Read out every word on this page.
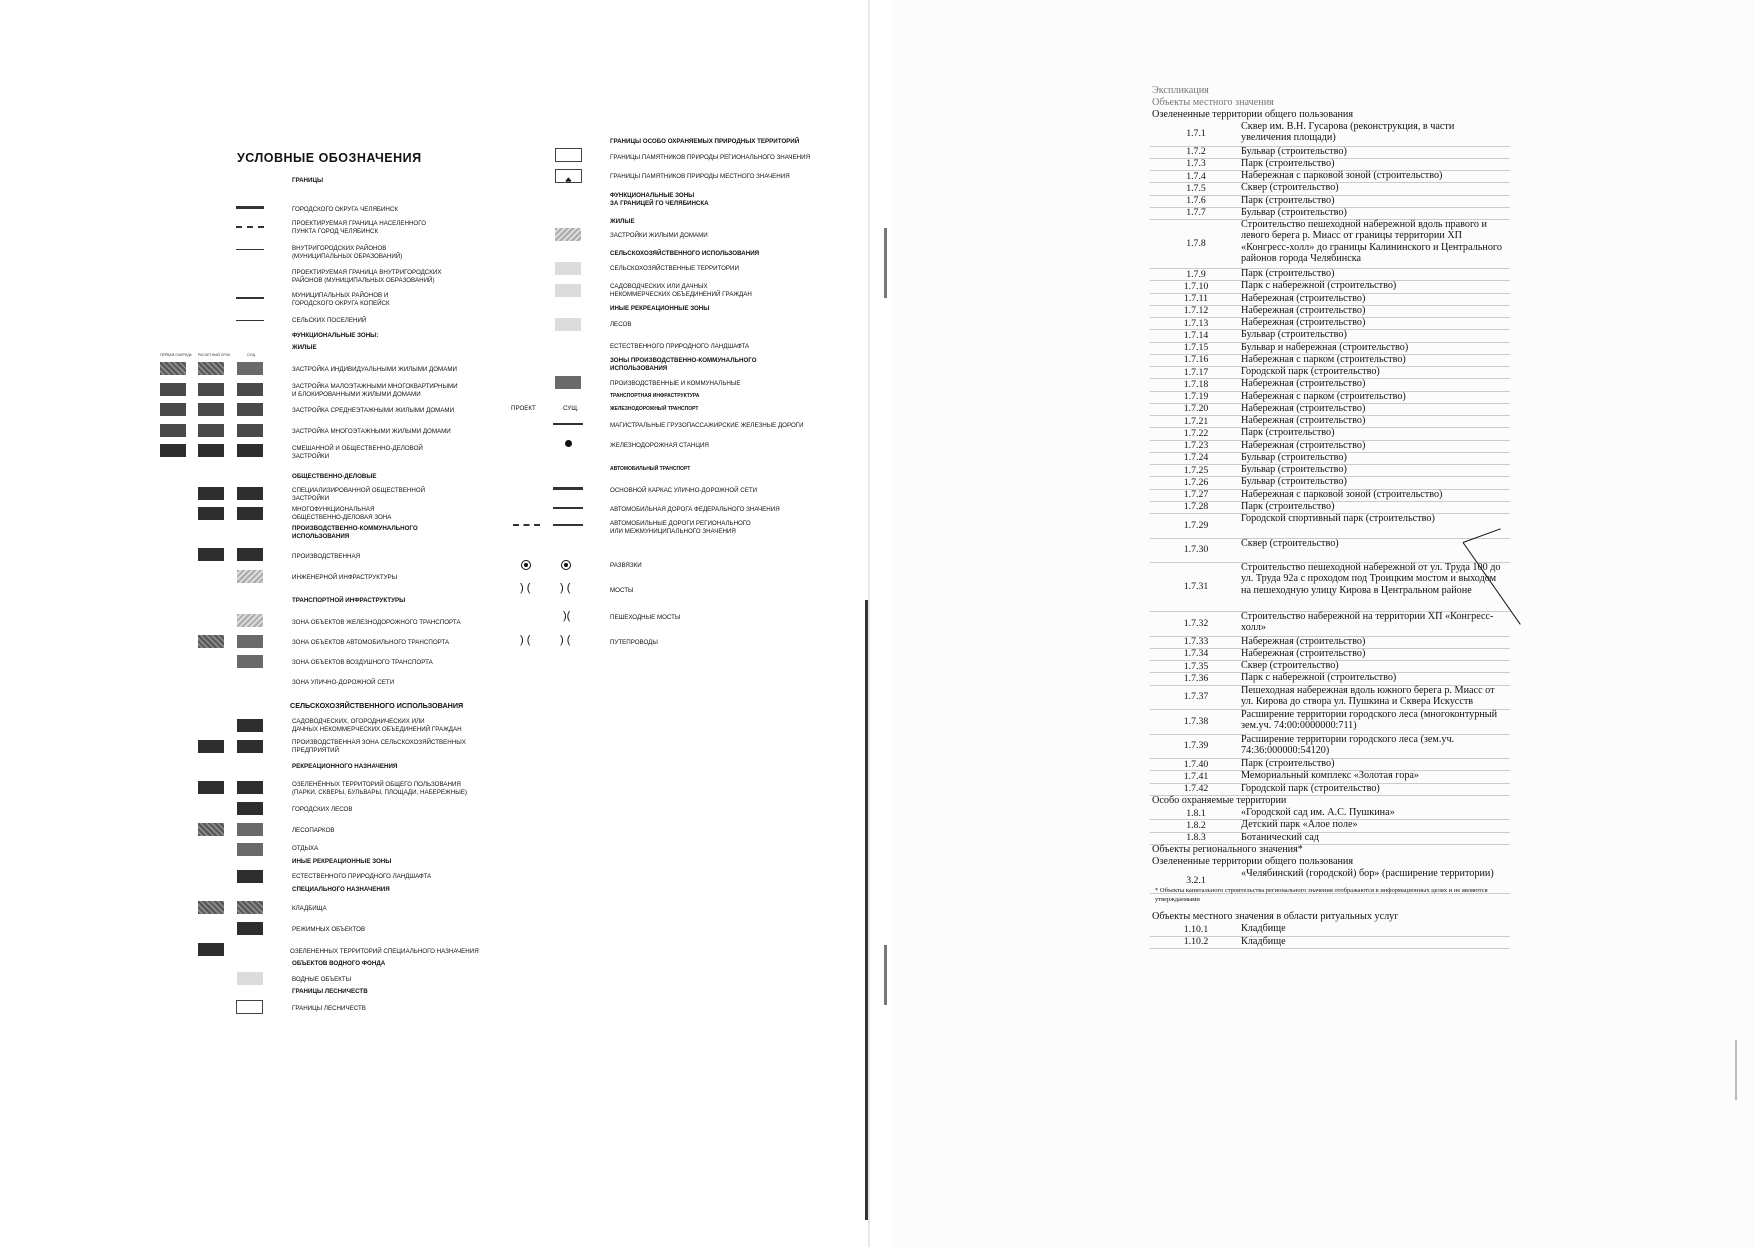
УСЛОВНЫЕ ОБОЗНАЧЕНИЯ
ПЕРВАЯ ОЧЕРЕДЬ РАСЧЕТНЫЙ СРОК	СУЩ.
ПРОЕКТ	СУЩ.
ГРАНИЦЫ
ГОРОДСКОГО ОКРУГА ЧЕЛЯБИНСК
ПРОЕКТИРУЕМАЯ ГРАНИЦА НАСЕЛЕННОГО
ПУНКТА ГОРОД ЧЕЛЯБИНСК
ВНУТРИГОРОДСКИХ РАЙОНОВ
(МУНИЦИПАЛЬНЫХ ОБРАЗОВАНИЙ)
ПРОЕКТИРУЕМАЯ ГРАНИЦА ВНУТРИГОРОДСКИХ
РАЙОНОВ (МУНИЦИПАЛЬНЫХ ОБРАЗОВАНИЙ)
МУНИЦИПАЛЬНЫХ РАЙОНОВ И
ГОРОДСКОГО ОКРУГА КОПЕЙСК
СЕЛЬСКИХ ПОСЕЛЕНИЙ
ФУНКЦИОНАЛЬНЫЕ ЗОНЫ:
ЖИЛЫЕ
ЗАСТРОЙКА ИНДИВИДУАЛЬНЫМИ ЖИЛЫМИ ДОМАМИ
ЗАСТРОЙКА МАЛОЭТАЖНЫМИ МНОГОКВАРТИРНЫМИ
И БЛОКИРОВАННЫМИ ЖИЛЫМИ ДОМАМИ
ЗАСТРОЙКА СРЕДНЕЭТАЖНЫМИ ЖИЛЫМИ ДОМАМИ
ЗАСТРОЙКА МНОГОЭТАЖНЫМИ ЖИЛЫМИ ДОМАМИ
СМЕШАННОЙ И ОБЩЕСТВЕННО-ДЕЛОВОЙ
ЗАСТРОЙКИ
ОБЩЕСТВЕННО-ДЕЛОВЫЕ
СПЕЦИАЛИЗИРОВАННОЙ ОБЩЕСТВЕННОЙ
ЗАСТРОЙКИ
МНОГОФУНКЦИОНАЛЬНАЯ
ОБЩЕСТВЕННО-ДЕЛОВАЯ ЗОНА
ПРОИЗВОДСТВЕННО-КОММУНАЛЬНОГО
ИСПОЛЬЗОВАНИЯ
ПРОИЗВОДСТВЕННАЯ
ИНЖЕНЕРНОЙ ИНФРАСТРУКТУРЫ
ТРАНСПОРТНОЙ ИНФРАСТРУКТУРЫ
ЗОНА ОБЪЕКТОВ ЖЕЛЕЗНОДОРОЖНОГО ТРАНСПОРТА
ЗОНА ОБЪЕКТОВ АВТОМОБИЛЬНОГО ТРАНСПОРТА
ЗОНА ОБЪЕКТОВ ВОЗДУШНОГО ТРАНСПОРТА
ЗОНА УЛИЧНО-ДОРОЖНОЙ СЕТИ
СЕЛЬСКОХОЗЯЙСТВЕННОГО ИСПОЛЬЗОВАНИЯ
САДОВОДЧЕСКИХ, ОГОРОДНИЧЕСКИХ ИЛИ
ДАЧНЫХ НЕКОММЕРЧЕСКИХ ОБЪЕДИНЕНИЙ ГРАЖДАН
ПРОИЗВОДСТВЕННАЯ ЗОНА СЕЛЬСКОХОЗЯЙСТВЕННЫХ
ПРЕДПРИЯТИЙ
РЕКРЕАЦИОННОГО НАЗНАЧЕНИЯ
ОЗЕЛЕНЁННЫХ ТЕРРИТОРИЙ ОБЩЕГО ПОЛЬЗОВАНИЯ
(ПАРКИ, СКВЕРЫ, БУЛЬВАРЫ, ПЛОЩАДИ, НАБЕРЕЖНЫЕ)
ГОРОДСКИХ ЛЕСОВ
ЛЕСОПАРКОВ
ОТДЫХА
ИНЫЕ РЕКРЕАЦИОННЫЕ ЗОНЫ
ЕСТЕСТВЕННОГО ПРИРОДНОГО ЛАНДШАФТА
СПЕЦИАЛЬНОГО НАЗНАЧЕНИЯ
КЛАДБИЩА
РЕЖИМНЫХ ОБЪЕКТОВ
ОЗЕЛЕНЕННЫХ ТЕРРИТОРИЙ СПЕЦИАЛЬНОГО НАЗНАЧЕНИЯ
ОБЪЕКТОВ ВОДНОГО ФОНДА
ВОДНЫЕ ОБЪЕКТЫ
ГРАНИЦЫ ЛЕСНИЧЕСТВ
ГРАНИЦЫ ЛЕСНИЧЕСТВ
ГРАНИЦЫ ОСОБО ОХРАНЯЕМЫХ ПРИРОДНЫХ ТЕРРИТОРИЙ
ГРАНИЦЫ ПАМЯТНИКОВ ПРИРОДЫ РЕГИОНАЛЬНОГО ЗНАЧЕНИЯ
♣	ГРАНИЦЫ ПАМЯТНИКОВ ПРИРОДЫ МЕСТНОГО ЗНАЧЕНИЯ
ФУНКЦИОНАЛЬНЫЕ ЗОНЫ
ЗА ГРАНИЦЕЙ ГО ЧЕЛЯБИНСКА
ЖИЛЫЕ
ЗАСТРОЙКИ ЖИЛЫМИ ДОМАМИ
СЕЛЬСКОХОЗЯЙСТВЕННОГО ИСПОЛЬЗОВАНИЯ
СЕЛЬСКОХОЗЯЙСТВЕННЫЕ ТЕРРИТОРИИ
САДОВОДЧЕСКИХ ИЛИ ДАЧНЫХ
НЕКОММЕРЧЕСКИХ ОБЪЕДИНЕНИЙ ГРАЖДАН
ИНЫЕ РЕКРЕАЦИОННЫЕ ЗОНЫ
ЛЕСОВ
ЕСТЕСТВЕННОГО ПРИРОДНОГО ЛАНДШАФТА
ЗОНЫ ПРОИЗВОДСТВЕННО-КОММУНАЛЬНОГО
ИСПОЛЬЗОВАНИЯ
ПРОИЗВОДСТВЕННЫЕ И КОММУНАЛЬНЫЕ
ТРАНСПОРТНАЯ ИНФРАСТРУКТУРА
ЖЕЛЕЗНОДОРОЖНЫЙ ТРАНСПОРТ
МАГИСТРАЛЬНЫЕ ГРУЗОПАССАЖИРСКИЕ ЖЕЛЕЗНЫЕ ДОРОГИ
ЖЕЛЕЗНОДОРОЖНАЯ СТАНЦИЯ
АВТОМОБИЛЬНЫЙ ТРАНСПОРТ
ОСНОВНОЙ КАРКАС УЛИЧНО-ДОРОЖНОЙ СЕТИ
АВТОМОБИЛЬНАЯ ДОРОГА ФЕДЕРАЛЬНОГО ЗНАЧЕНИЯ
АВТОМОБИЛЬНЫЕ ДОРОГИ РЕГИОНАЛЬНОГО
ИЛИ МЕЖМУНИЦИПАЛЬНОГО ЗНАЧЕНИЯ
РАЗВЯЗКИ
) (	) (	МОСТЫ
)(	ПЕШЕХОДНЫЕ МОСТЫ
) (	) (	ПУТЕПРОВОДЫ
Экспликация
Объекты местного значения
Озелененные территории общего пользования
1.7.1
Сквер им. В.Н. Гусарова (реконструкция, в части увеличения площади)
1.7.2	Бульвар (строительство)
1.7.3	Парк (строительство)
1.7.4	Набережная с парковой зоной (строительство)
1.7.5	Сквер (строительство)
1.7.6	Парк (строительство)
1.7.7	Бульвар (строительство)
1.7.8
Строительство пешеходной набережной вдоль правого и левого берега р. Миасс от границы территории ХП «Конгресс-холл» до границы Калининского и Центрального районов города Челябинска
1.7.9	Парк (строительство)
1.7.10	Парк с набережной (строительство)
1.7.11	Набережная (строительство)
1.7.12	Набережная (строительство)
1.7.13	Набережная (строительство)
1.7.14	Бульвар (строительство)
1.7.15	Бульвар и набережная (строительство)
1.7.16	Набережная с парком (строительство)
1.7.17	Городской парк (строительство)
1.7.18	Набережная (строительство)
1.7.19	Набережная с парком (строительство)
1.7.20	Набережная (строительство)
1.7.21	Набережная (строительство)
1.7.22	Парк (строительство)
1.7.23	Набережная (строительство)
1.7.24	Бульвар (строительство)
1.7.25	Бульвар (строительство)
1.7.26	Бульвар (строительство)
1.7.27	Набережная с парковой зоной (строительство)
1.7.28	Парк (строительство)
1.7.29
Городской спортивный парк (строительство)
1.7.30
Сквер (строительство)
1.7.31
Строительство пешеходной набережной от ул. Труда 100 до ул. Труда 92а с проходом под Троицким мостом и выходом на пешеходную улицу Кирова в Центральном районе
1.7.32
Строительство набережной на территории ХП «Конгресс-холл»
1.7.33	Набережная (строительство)
1.7.34	Набережная (строительство)
1.7.35	Сквер (строительство)
1.7.36	Парк с набережной (строительство)
1.7.37
Пешеходная набережная вдоль южного берега р. Миасс от ул. Кирова до створа ул. Пушкина и Сквера Искусств
1.7.38
Расширение территории городского леса (многоконтурный зем.уч. 74:00:0000000:711)
1.7.39
Расширение территории городского леса (зем.уч. 74:36:000000:54120)
1.7.40	Парк (строительство)
1.7.41	Мемориальный комплекс «Золотая гора»
1.7.42	Городской парк (строительство)
Особо охраняемые территории
1.8.1	«Городской сад им. А.С. Пушкина»
1.8.2	Детский парк «Алое поле»
1.8.3	Ботанический сад
Объекты регионального значения*
Озелененные территории общего пользования
3.2.1
«Челябинский (городской) бор» (расширение территории)
Объекты местного значения в области ритуальных услуг
1.10.1	Кладбище
1.10.2	Кладбище
* Объекты капитального строительства регионального значения отображаются в информационных целях и не являются утверждаемыми
